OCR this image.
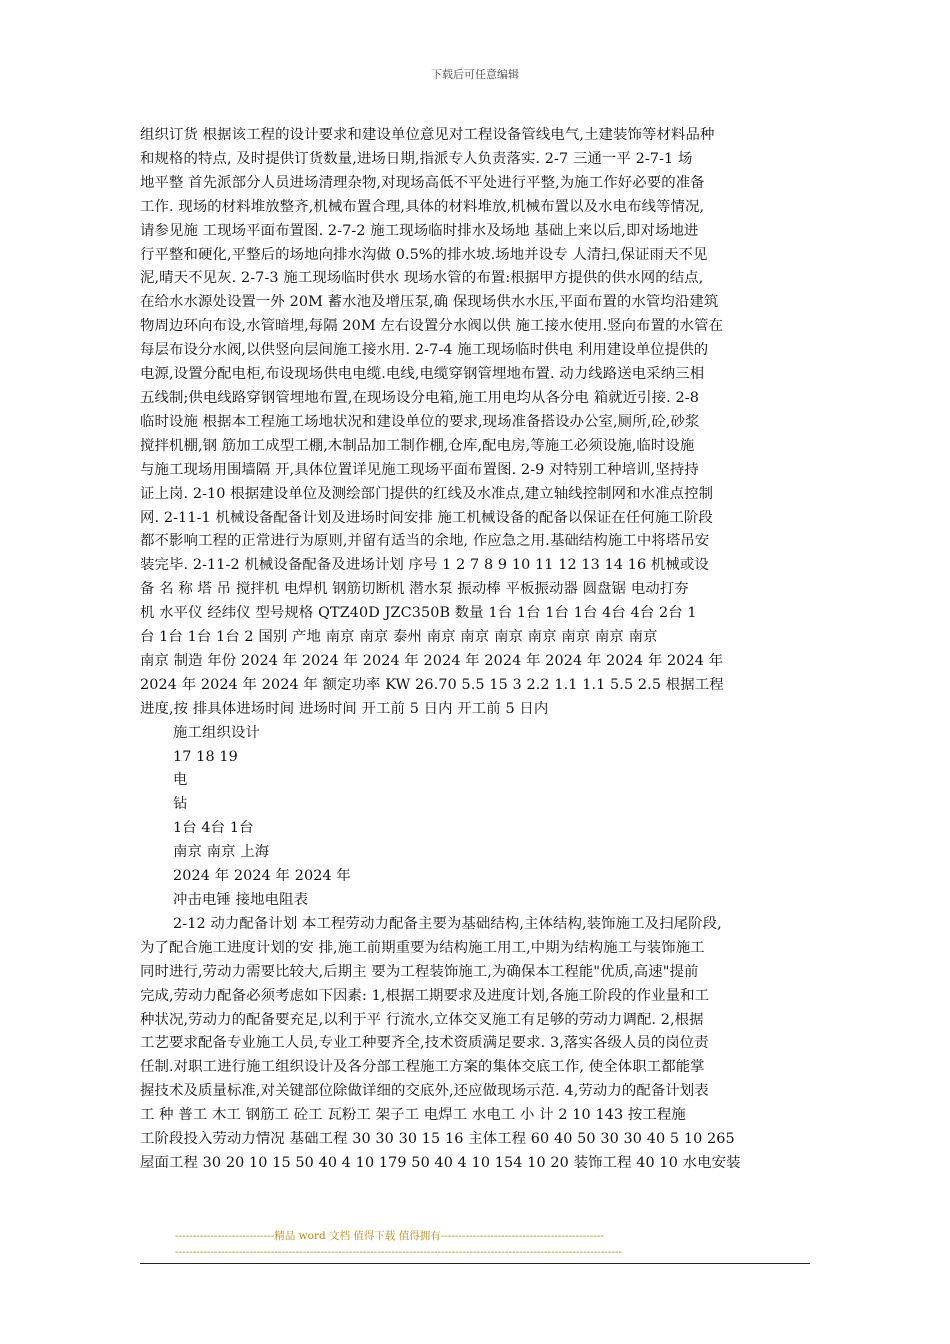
下载后可任意编辑
组织订货 根据该工程的设计要求和建设单位意见对工程设备管线电气,土建装饰等材料品种
和规格的特点, 及时提供订货数量,进场日期,指派专人负责落实. 2-7 三通一平 2-7-1 场
地平整 首先派部分人员进场清理杂物,对现场高低不平处进行平整,为施工作好必要的准备
工作. 现场的材料堆放整齐,机械布置合理,具体的材料堆放,机械布置以及水电布线等情况,
请参见施 工现场平面布置图. 2-7-2 施工现场临时排水及场地 基础上来以后,即对场地进
行平整和硬化,平整后的场地向排水沟做 0.5%的排水坡.场地并设专 人清扫,保证雨天不见
泥,晴天不见灰. 2-7-3 施工现场临时供水 现场水管的布置:根据甲方提供的供水网的结点,
在给水水源处设置一外 20M 蓄水池及增压泵,确 保现场供水水压,平面布置的水管均沿建筑
物周边环向布设,水管暗埋,每隔 20M 左右设置分水阀以供 施工接水使用.竖向布置的水管在
每层布设分水阀,以供竖向层间施工接水用. 2-7-4 施工现场临时供电 利用建设单位提供的
电源,设置分配电柜,布设现场供电电缆.电线,电缆穿钢管埋地布置. 动力线路送电采纳三相
五线制;供电线路穿钢管埋地布置,在现场设分电箱,施工用电均从各分电 箱就近引接. 2-8
临时设施 根据本工程施工场地状况和建设单位的要求,现场准备搭设办公室,厕所,砼,砂浆
搅拌机棚,钢 筋加工成型工棚,木制品加工制作棚,仓库,配电房,等施工必须设施,临时设施
与施工现场用围墙隔 开,具体位置详见施工现场平面布置图. 2-9 对特别工种培训,坚持持
证上岗. 2-10 根据建设单位及测绘部门提供的红线及水准点,建立轴线控制网和水准点控制
网. 2-11-1 机械设备配备计划及进场时间安排 施工机械设备的配备以保证在任何施工阶段
都不影响工程的正常进行为原则,并留有适当的余地, 作应急之用.基础结构施工中将塔吊安
装完毕. 2-11-2 机械设备配备及进场计划 序号 1 2 7 8 9 10 11 12 13 14 16 机械或设
备 名 称 塔 吊 搅拌机 电焊机 钢筋切断机 潜水泵 振动棒 平板振动器 圆盘锯 电动打夯
机 水平仪 经纬仪 型号规格 QTZ40D JZC350B 数量 1台 1台 1台 1台 4台 4台 2台 1
台 1台 1台 1台 2 国别 产地 南京 南京 泰州 南京 南京 南京 南京 南京 南京 南京
南京 制造 年份 2024 年 2024 年 2024 年 2024 年 2024 年 2024 年 2024 年 2024 年
2024 年 2024 年 2024 年 额定功率 KW 26.70 5.5 15 3 2.2 1.1 1.1 5.5 2.5 根据工程
进度,按 排具体进场时间 进场时间 开工前 5 日内 开工前 5 日内
施工组织设计
17 18 19
电
钻
1台 4台 1台
南京 南京 上海
2024 年 2024 年 2024 年
冲击电锤 接地电阻表
2-12 动力配备计划 本工程劳动力配备主要为基础结构,主体结构,装饰施工及扫尾阶段,
为了配合施工进度计划的安 排,施工前期重要为结构施工用工,中期为结构施工与装饰施工
同时进行,劳动力需要比较大,后期主 要为工程装饰施工,为确保本工程能"优质,高速"提前
完成,劳动力配备必须考虑如下因素: 1,根据工期要求及进度计划,各施工阶段的作业量和工
种状况,劳动力的配备要充足,以利于平 行流水,立体交叉施工有足够的劳动力调配. 2,根据
工艺要求配备专业施工人员,专业工种要齐全,技术资质满足要求. 3,落实各级人员的岗位责
任制.对职工进行施工组织设计及各分部工程施工方案的集体交底工作, 使全体职工都能掌
握技术及质量标准,对关键部位除做详细的交底外,还应做现场示范. 4,劳动力的配备计划表
工 种 普工 木工 钢筋工 砼工 瓦粉工 架子工 电焊工 水电工 小 计 2 10 143 按工程施
工阶段投入劳动力情况 基础工程 30 30 30 15 16 主体工程 60 40 50 30 30 40 5 10 265
屋面工程 30 20 10 15 50 40 4 10 179 50 40 4 10 154 10 20 装饰工程 40 10 水电安装
----------------------------精品 word 文档 值得下载 值得拥有----------------------------------------------
------------------------------------------------------------------------------------------------------------------------------
